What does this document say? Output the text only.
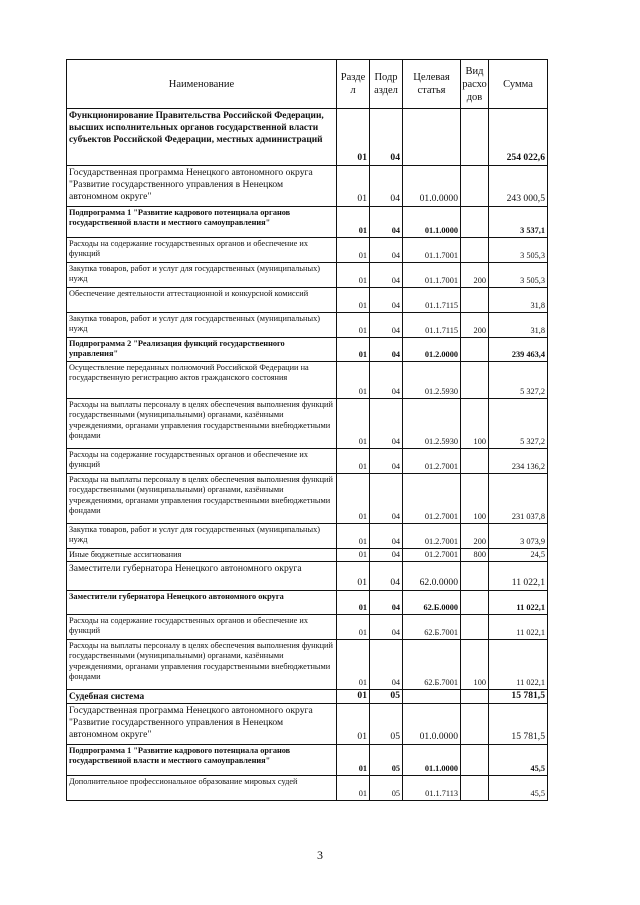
Наименование	Разде л	Подр аздел	Целевая статья	Вид расхо дов	Сумма
Функционирование Правительства Российской Федерации, высших исполнительных органов государственной власти субъектов Российской Федерации, местных администраций	01	04			254 022,6
Государственная программа Ненецкого автономного округа "Развитие государственного управления в Ненецком автономном округе"	01	04	01.0.0000		243 000,5
Подпрограмма 1 "Развитие кадрового потенциала органов государственной власти и местного самоуправления"	01	04	01.1.0000		3 537,1
Расходы на содержание государственных органов и обеспечение их функций	01	04	01.1.7001		3 505,3
Закупка товаров, работ и услуг для государственных (муниципальных) нужд	01	04	01.1.7001	200	3 505,3
Обеспечение деятельности аттестационной и конкурсной комиссий	01	04	01.1.7115		31,8
Закупка товаров, работ и услуг для государственных (муниципальных) нужд	01	04	01.1.7115	200	31,8
Подпрограмма 2 "Реализация функций государственного управления"	01	04	01.2.0000		239 463,4
Осуществление переданных полномочий Российской Федерации на государственную регистрацию актов гражданского состояния	01	04	01.2.5930		5 327,2
Расходы на выплаты персоналу в целях обеспечения выполнения функций государственными (муниципальными) органами, казёнными учреждениями, органами управления государственными внебюджетными фондами	01	04	01.2.5930	100	5 327,2
Расходы на содержание государственных органов и обеспечение их функций	01	04	01.2.7001		234 136,2
Расходы на выплаты персоналу в целях обеспечения выполнения функций государственными (муниципальными) органами, казёнными учреждениями, органами управления государственными внебюджетными фондами	01	04	01.2.7001	100	231 037,8
Закупка товаров, работ и услуг для государственных (муниципальных) нужд	01	04	01.2.7001	200	3 073,9
Иные бюджетные ассигнования	01	04	01.2.7001	800	24,5
Заместители губернатора Ненецкого автономного округа	01	04	62.0.0000		11 022,1
Заместители губернатора Ненецкого автономного округа	01	04	62.Б.0000		11 022,1
Расходы на содержание государственных органов и обеспечение их функций	01	04	62.Б.7001		11 022,1
Расходы на выплаты персоналу в целях обеспечения выполнения функций государственными (муниципальными) органами, казёнными учреждениями, органами управления государственными внебюджетными фондами	01	04	62.Б.7001	100	11 022,1
Судебная система	01	05			15 781,5
Государственная программа Ненецкого автономного округа "Развитие государственного управления в Ненецком автономном округе"	01	05	01.0.0000		15 781,5
Подпрограмма 1 "Развитие кадрового потенциала органов государственной власти и местного самоуправления"	01	05	01.1.0000		45,5
Дополнительное профессиональное образование мировых судей	01	05	01.1.7113		45,5
3
